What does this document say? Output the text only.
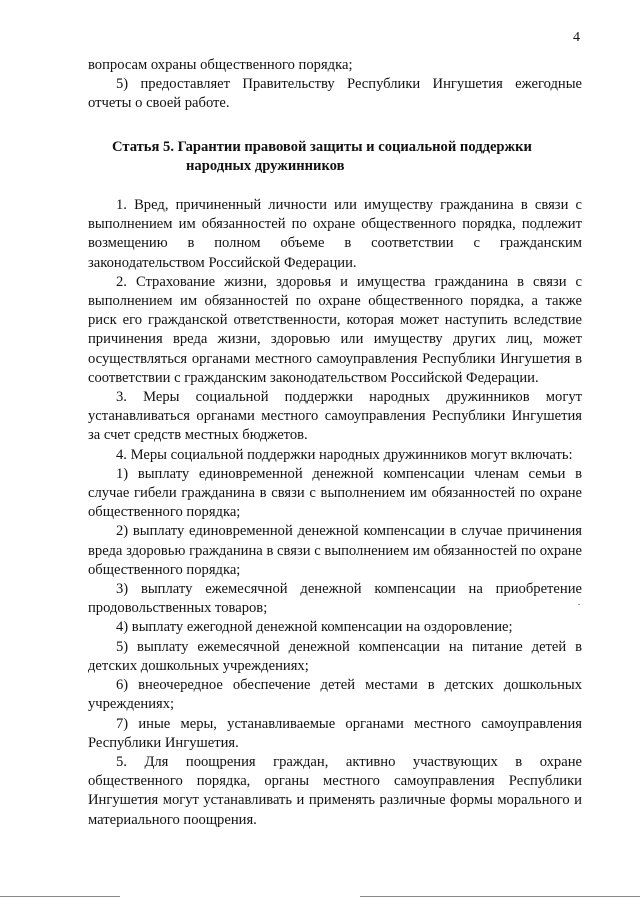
4

вопросам охраны общественного порядка;

5) предоставляет Правительству Республики Ингушетия ежегодные отчеты о своей работе.

Статья 5. Гарантии правовой защиты и социальной поддержки
народных дружинников

1. Вред, причиненный личности или имуществу гражданина в связи с выполнением им обязанностей по охране общественного порядка, подлежит возмещению в полном объеме в соответствии с гражданским законодательством Российской Федерации.

2. Страхование жизни, здоровья и имущества гражданина в связи с выполнением им обязанностей по охране общественного порядка, а также риск его гражданской ответственности, которая может наступить вследствие причинения вреда жизни, здоровью или имуществу других лиц, может осуществляться органами местного самоуправления Республики Ингушетия в соответствии с гражданским законодательством Российской Федерации.

3. Меры социальной поддержки народных дружинников могут устанавливаться органами местного самоуправления Республики Ингушетия за счет средств местных бюджетов.

4. Меры социальной поддержки народных дружинников могут включать:

1) выплату единовременной денежной компенсации членам семьи в случае гибели гражданина в связи с выполнением им обязанностей по охране общественного порядка;

2) выплату единовременной денежной компенсации в случае причинения вреда здоровью гражданина в связи с выполнением им обязанностей по охране общественного порядка;

3) выплату ежемесячной денежной компенсации на приобретение продовольственных товаров;

4) выплату ежегодной денежной компенсации на оздоровление;

5) выплату ежемесячной денежной компенсации на питание детей в детских дошкольных учреждениях;

6) внеочередное обеспечение детей местами в детских дошкольных учреждениях;

7) иные меры, устанавливаемые органами местного самоуправления Республики Ингушетия.

5. Для поощрения граждан, активно участвующих в охране общественного порядка, органы местного самоуправления Республики Ингушетия могут устанавливать и применять различные формы морального и материального поощрения.
